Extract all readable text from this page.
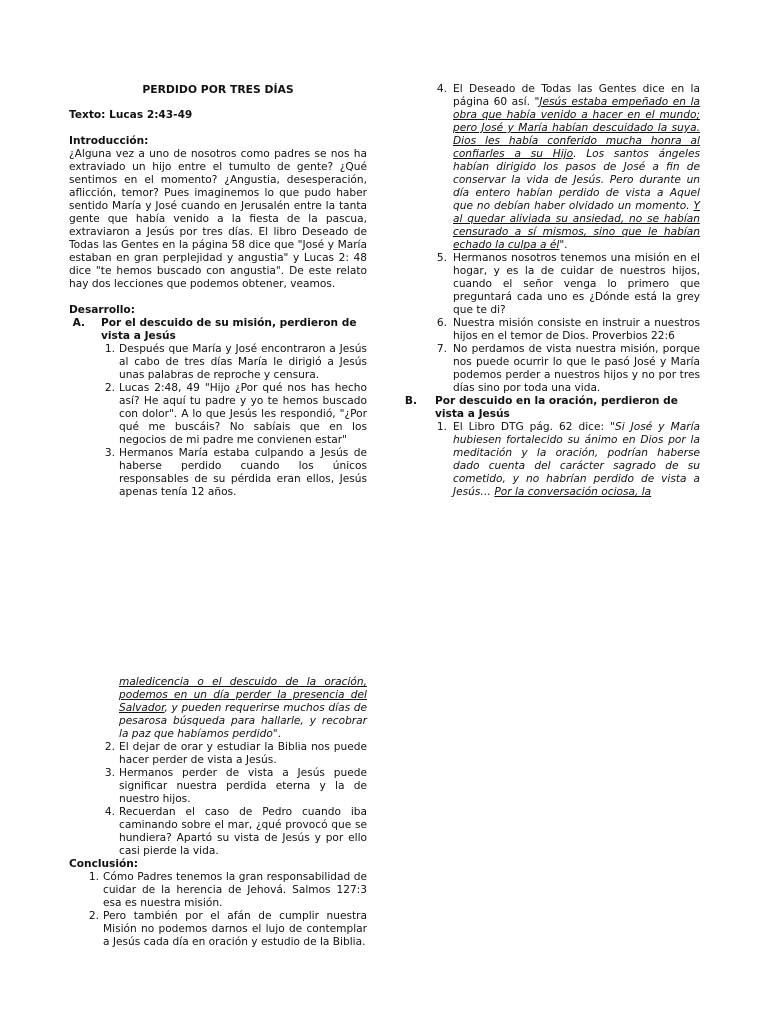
PERDIDO POR TRES DÍAS
Texto: Lucas 2:43-49
Introducción:
¿Alguna vez a uno de nosotros como padres se nos ha extraviado un hijo entre el tumulto de gente? ¿Qué sentimos en el momento? ¿Angustia, desesperación, aflicción, temor? Pues imaginemos lo que pudo haber sentido María y José cuando en Jerusalén entre la tanta gente que había venido a la fiesta de la pascua, extraviaron a Jesús por tres días. El libro Deseado de Todas las Gentes en la página 58 dice que "José y María estaban en gran perplejidad y angustia" y Lucas 2: 48 dice "te hemos buscado con angustia". De este relato hay dos lecciones que podemos obtener, veamos.
Desarrollo:
A. Por el descuido de su misión, perdieron de vista a Jesús
1. Después que María y José encontraron a Jesús al cabo de tres días María le dirigió a Jesús unas palabras de reproche y censura.
2. Lucas 2:48, 49 "Hijo ¿Por qué nos has hecho así? He aquí tu padre y yo te hemos buscado con dolor". A lo que Jesús les respondió, "¿Por qué me buscáis? No sabíais que en los negocios de mi padre me convienen estar"
3. Hermanos María estaba culpando a Jesús de haberse perdido cuando los únicos responsables de su pérdida eran ellos, Jesús apenas tenía 12 años.
4. El Deseado de Todas las Gentes dice en la página 60 así. "Jesús estaba empeñado en la obra que había venido a hacer en el mundo; pero José y María habían descuidado la suya. Dios les había conferido mucha honra al confiarles a su Hijo. Los santos ángeles habían dirigido los pasos de José a fin de conservar la vida de Jesús. Pero durante un día entero habían perdido de vista a Aquel que no debían haber olvidado un momento. Y al quedar aliviada su ansiedad, no se habían censurado a sí mismos, sino que le habían echado la culpa a él".
5. Hermanos nosotros tenemos una misión en el hogar, y es la de cuidar de nuestros hijos, cuando el señor venga lo primero que preguntará cada uno es ¿Dónde está la grey que te di?
6. Nuestra misión consiste en instruir a nuestros hijos en el temor de Dios. Proverbios 22:6
7. No perdamos de vista nuestra misión, porque nos puede ocurrir lo que le pasó José y María podemos perder a nuestros hijos y no por tres días sino por toda una vida.
B. Por descuido en la oración, perdieron de vista a Jesús
1. El Libro DTG pág. 62 dice: "Si José y María hubiesen fortalecido su ánimo en Dios por la meditación y la oración, podrían haberse dado cuenta del carácter sagrado de su cometido, y no habrían perdido de vista a Jesús… Por la conversación ociosa, la
maledicencia o el descuido de la oración, podemos en un día perder la presencia del Salvador, y pueden requerirse muchos días de pesarosa búsqueda para hallarle, y recobrar la paz que habíamos perdido".
2. El dejar de orar y estudiar la Biblia nos puede hacer perder de vista a Jesús.
3. Hermanos perder de vista a Jesús puede significar nuestra perdida eterna y la de nuestro hijos.
4. Recuerdan el caso de Pedro cuando iba caminando sobre el mar, ¿qué provocó que se hundiera? Apartó su vista de Jesús y por ello casi pierde la vida.
Conclusión:
1. Cómo Padres tenemos la gran responsabilidad de cuidar de la herencia de Jehová. Salmos 127:3 esa es nuestra misión.
2. Pero también por el afán de cumplir nuestra Misión no podemos darnos el lujo de contemplar a Jesús cada día en oración y estudio de la Biblia.
